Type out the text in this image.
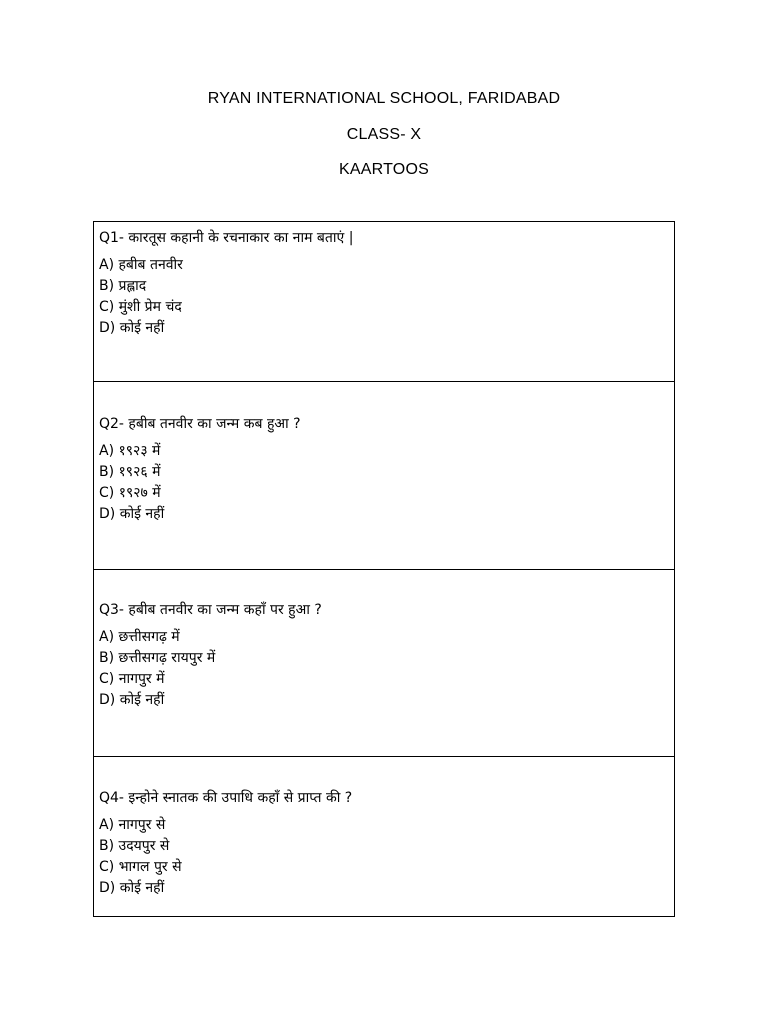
RYAN INTERNATIONAL SCHOOL, FARIDABAD
CLASS- X
KAARTOOS
Q1- कारतूस कहानी के रचनाकार का नाम बताएं |
A) हबीब तनवीर
B) प्रह्लाद
C) मुंशी प्रेम चंद
D) कोई नहीं

Q2- हबीब तनवीर का जन्म कब हुआ ?
A) १९२३ में
B) १९२६ में
C) १९२७ में
D) कोई नहीं

Q3- हबीब तनवीर का जन्म कहाँ पर हुआ ?
A) छत्तीसगढ़ में
B) छत्तीसगढ़ रायपुर में
C) नागपुर में
D) कोई नहीं

Q4- इन्होने स्नातक की उपाधि कहाँ से प्राप्त की ?
A) नागपुर से
B) उदयपुर से
C) भागल पुर से
D) कोई नहीं
